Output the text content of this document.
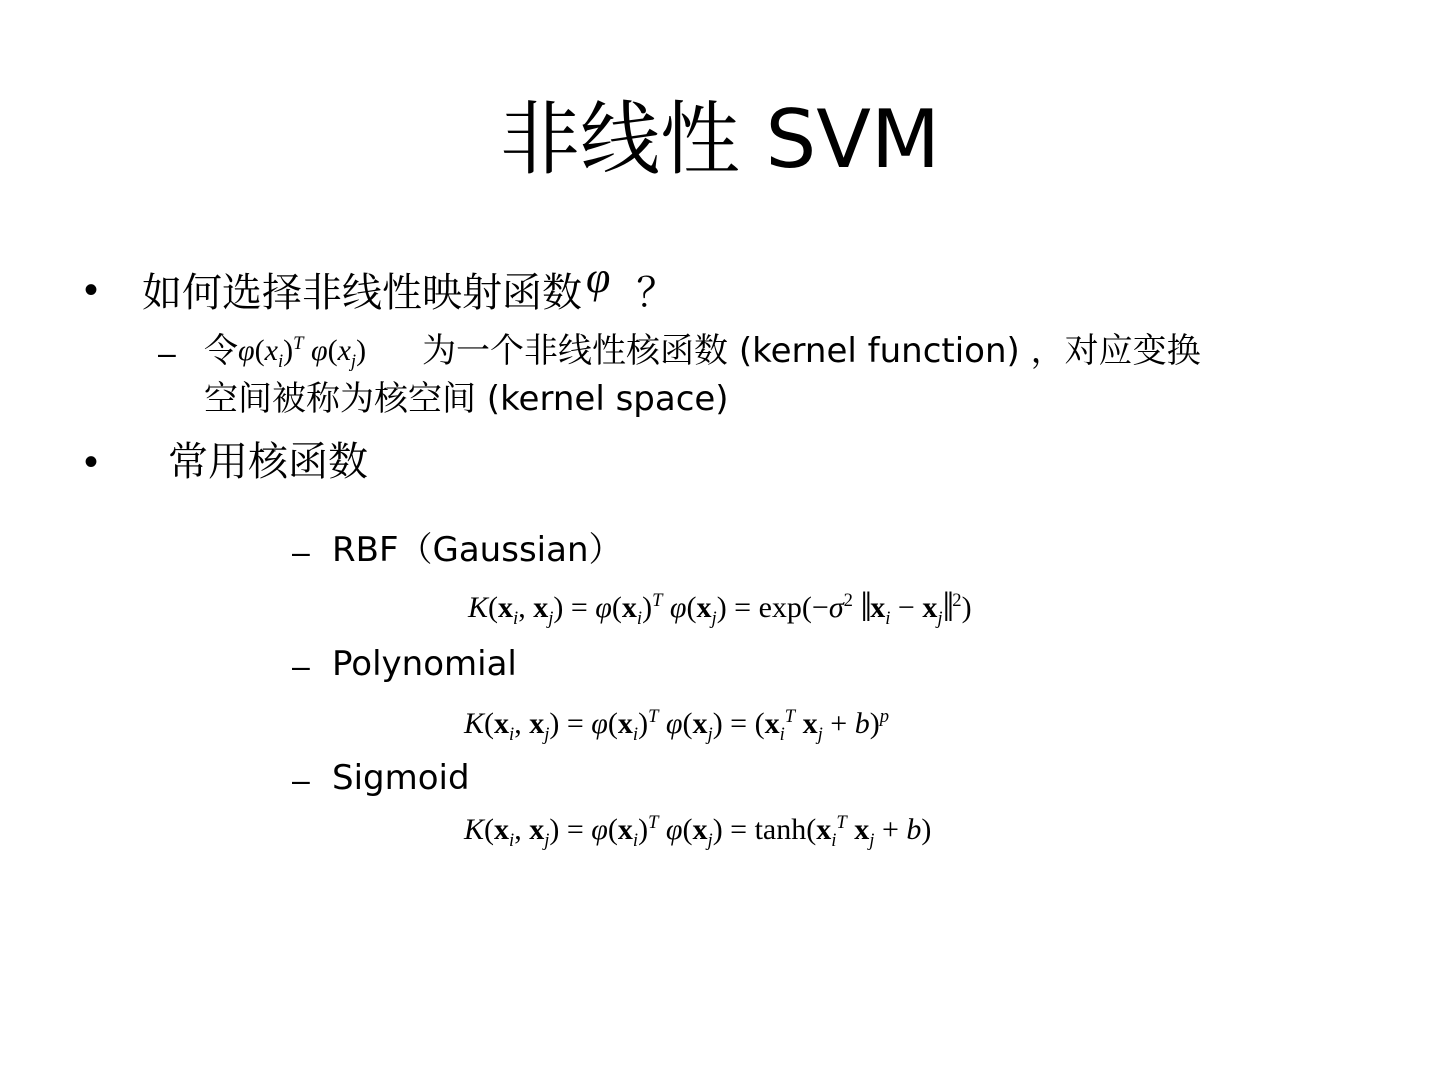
非线性 SVM
• 如何选择非线性映射函数φ ？
– 令$\varphi(x_i)^T$ $\varphi(x_j)$ 为一个非线性核函数 (kernel function) ，对应变换
空间被称为核空间 (kernel space)
• 常用核函数
– RBF（Gaussian）
$K(x_i$, $x_j) = \varphi(x_i)^T$ $\varphi(x_j) = \exp(-\sigma^2$ $‖x_i$ − $x_j‖^2$)
– Polynomial
$K(x_i$, $x_j) = \varphi(x_i)^T$ $\varphi(x_j) = (x_i^T$ $x_j + b)^p$
– Sigmoid
$K(x_i$, $x_j) = \varphi(x_i)^T$ $\varphi(x_j) = \tanh(x_i^T$ $x_j + b$)
